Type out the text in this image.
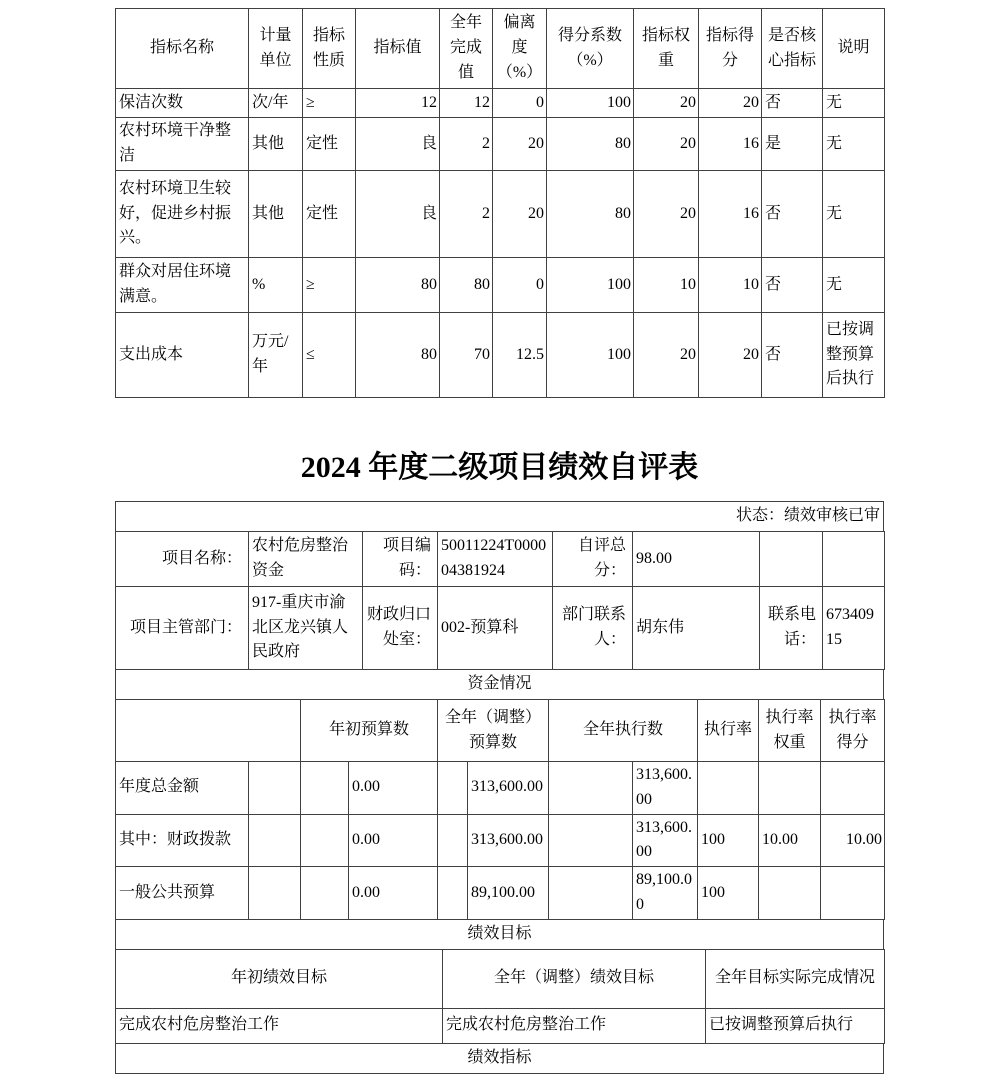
指标名称	计量单位	指标性质	指标值	全年完成值	偏离度（%）	得分系数（%）	指标权重	指标得分	是否核心指标	说明
保洁次数	次/年	≥	12	12	0	100	20	20	否	无
农村环境干净整洁	其他	定性	良	2	20	80	20	16	是	无
农村环境卫生较好，促进乡村振兴。	其他	定性	良	2	20	80	20	16	否	无
群众对居住环境满意。	%	≥	80	80	0	100	10	10	否	无
支出成本	万元/年	≤	80	70	12.5	100	20	20	否	已按调整预算后执行
2024 年度二级项目绩效自评表
状态：绩效审核已审
项目名称：	农村危房整治资金	项目编码：	50011224T000004381924	自评总分：	98.00		
项目主管部门：	917-重庆市渝北区龙兴镇人民政府	财政归口处室：	002-预算科	部门联系人：	胡东伟	联系电话：	67340915
资金情况
		年初预算数		全年（调整）预算数		全年执行数		执行率	执行率权重	执行率得分
年度总金额			0.00		313,600.00		313,600.00			
其中：财政拨款			0.00		313,600.00		313,600.00	100	10.00	10.00
一般公共预算			0.00		89,100.00		89,100.00	100		
绩效目标
年初绩效目标	全年（调整）绩效目标	全年目标实际完成情况
完成农村危房整治工作	完成农村危房整治工作	已按调整预算后执行
绩效指标
